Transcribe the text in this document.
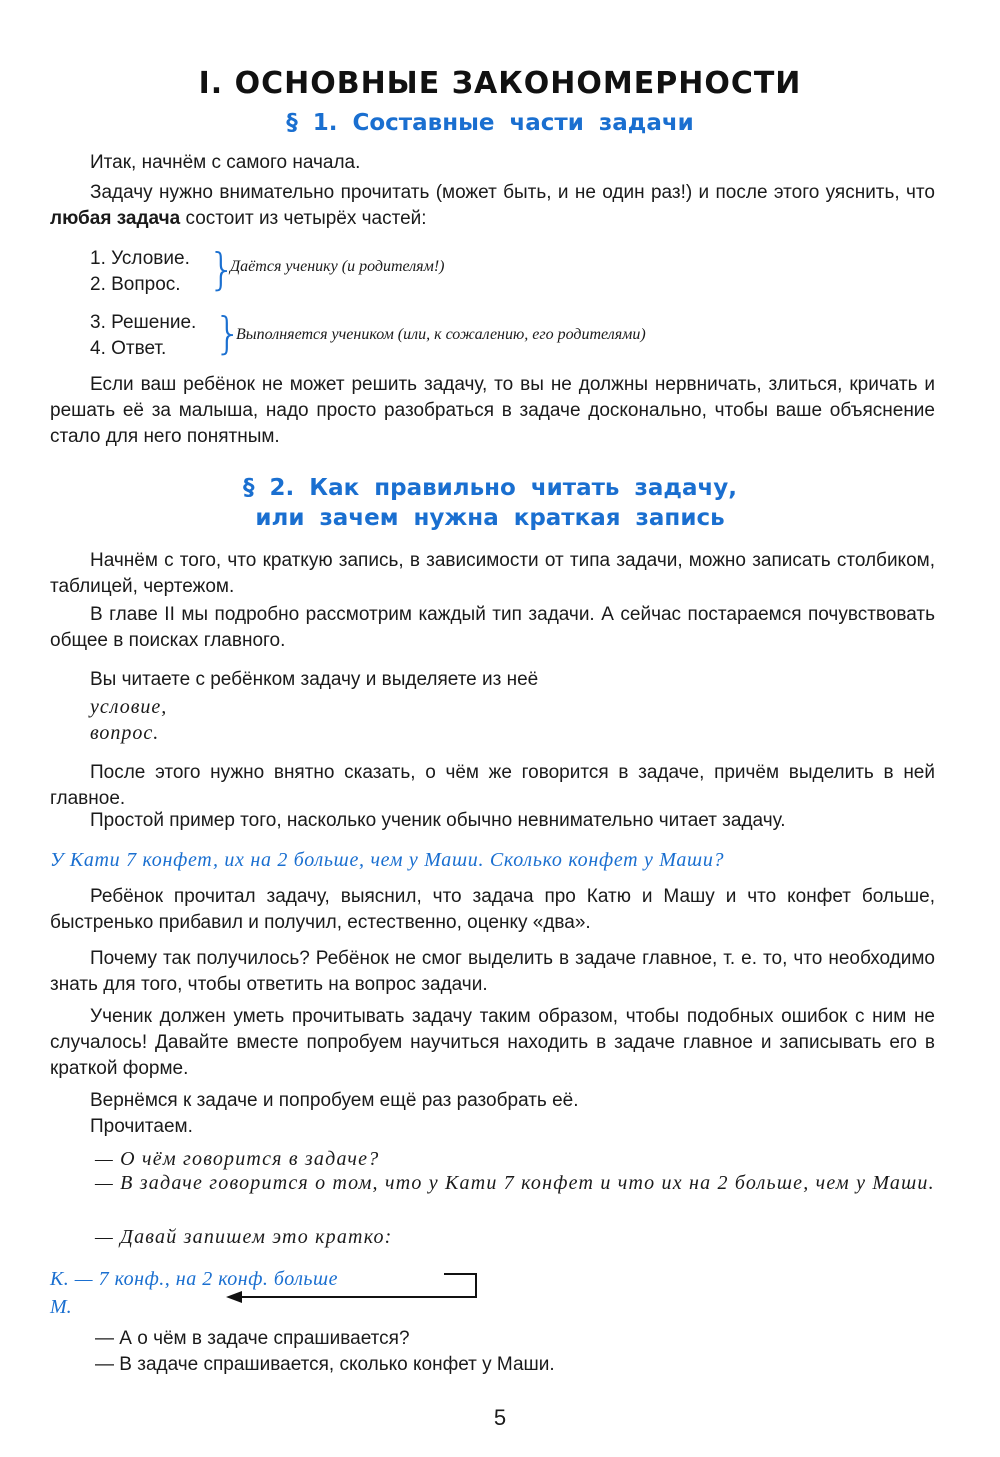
I. ОСНОВНЫЕ ЗАКОНОМЕРНОСТИ
§ 1. Составные части задачи

Итак, начнём с самого начала.

Задачу нужно внимательно прочитать (может быть, и не один раз!) и после этого уяснить, что любая задача состоит из четырёх частей:

1. Условие.
2. Вопрос. }
Даётся ученику (и родителям!)
3. Решение.
4. Ответ.	}
Выполняется учеником (или, к сожалению, его родителями)

Если ваш ребёнок не может решить задачу, то вы не должны нервничать, злиться, кричать и решать её за малыша, надо просто разобраться в задаче досконально, чтобы ваше объяснение стало для него понятным.

§ 2. Как правильно читать задачу,
или зачем нужна краткая запись

Начнём с того, что краткую запись, в зависимости от типа задачи, можно записать столбиком, таблицей, чертежом.

В главе II мы подробно рассмотрим каждый тип задачи. А сейчас постараемся почувствовать общее в поисках главного.

Вы читаете с ребёнком задачу и выделяете из неё
условие,
вопрос.

После этого нужно внятно сказать, о чём же говорится в задаче, причём выделить в ней главное.

Простой пример того, насколько ученик обычно невнимательно читает задачу.

У Кати 7 конфет, их на 2 больше, чем у Маши. Сколько конфет у Маши?

Ребёнок прочитал задачу, выяснил, что задача про Катю и Машу и что конфет больше, быстренько прибавил и получил, естественно, оценку «два».

Почему так получилось? Ребёнок не смог выделить в задаче главное, т. е. то, что необходимо знать для того, чтобы ответить на вопрос задачи.

Ученик должен уметь прочитывать задачу таким образом, чтобы подобных ошибок с ним не случалось! Давайте вместе попробуем научиться находить в задаче главное и записывать его в краткой форме.

Вернёмся к задаче и попробуем ещё раз разобрать её.
Прочитаем.
— О чём говорится в задаче?

— В задаче говорится о том, что у Кати 7 конфет и что их на 2 больше, чем у Маши.

— Давай запишем это кратко:
К. — 7 конф., на 2 конф. больше
М.
— А о чём в задаче спрашивается?
— В задаче спрашивается, сколько конфет у Маши.
5
